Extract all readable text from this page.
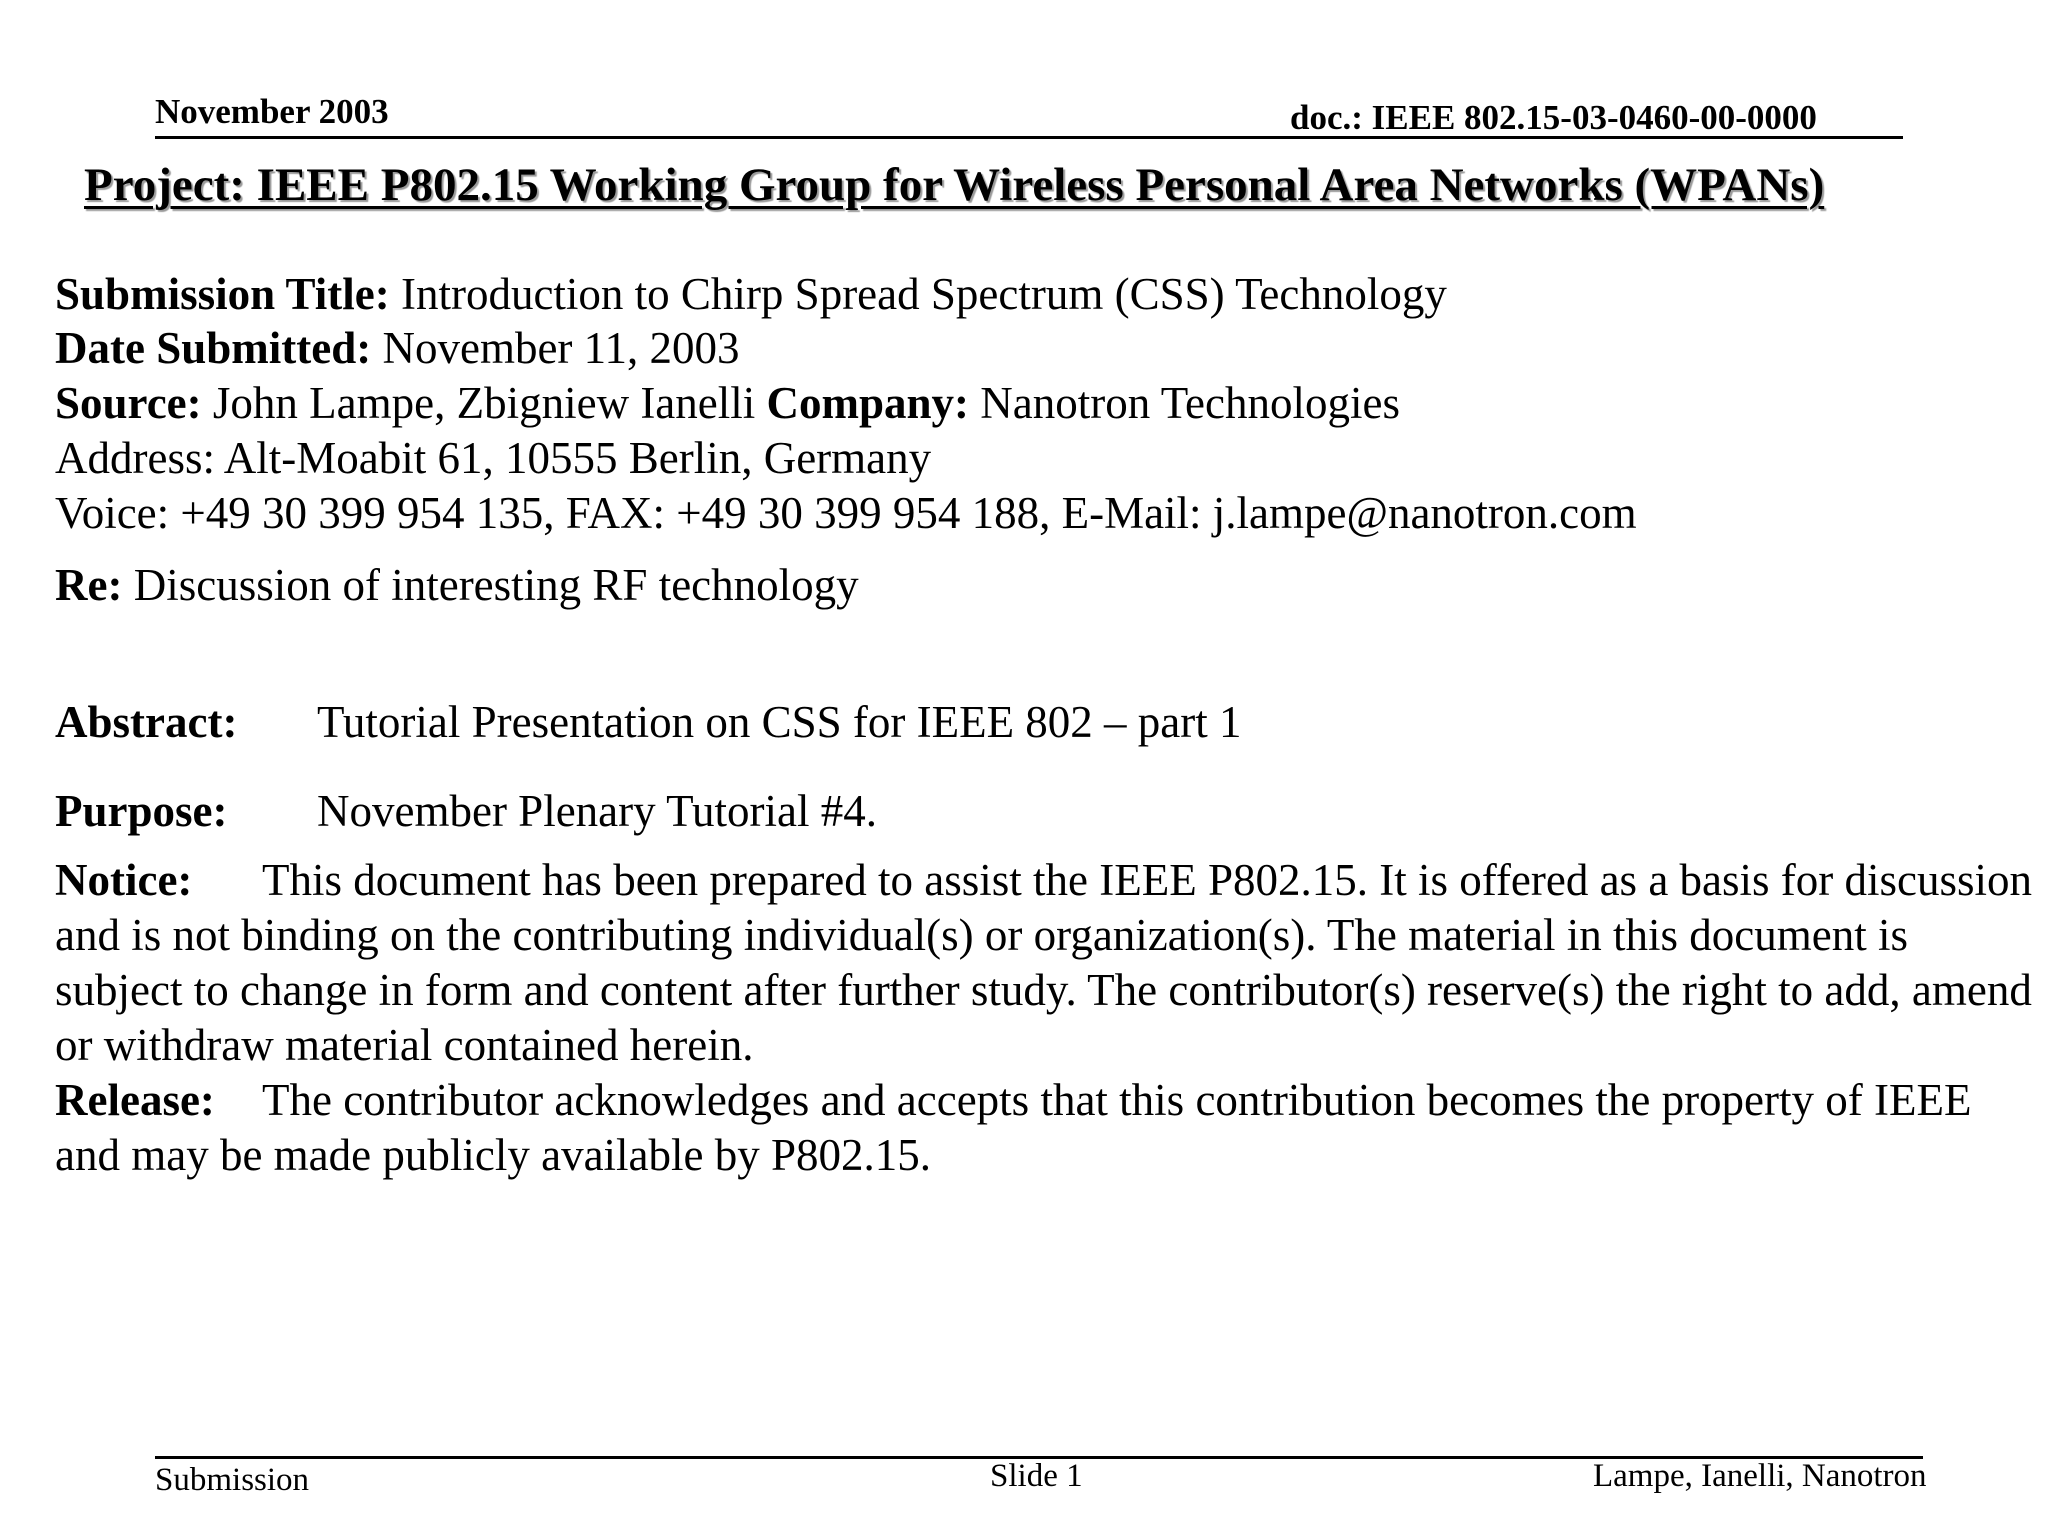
November 2003	doc.: IEEE 802.15-03-0460-00-0000
Project: IEEE P802.15 Working Group for Wireless Personal Area Networks (WPANs)
Submission Title: Introduction to Chirp Spread Spectrum (CSS) Technology
Date Submitted: November 11, 2003
Source: John Lampe, Zbigniew Ianelli Company: Nanotron Technologies
Address: Alt-Moabit 61, 10555 Berlin, Germany
Voice: +49 30 399 954 135, FAX: +49 30 399 954 188, E-Mail: j.lampe@nanotron.com
Re: Discussion of interesting RF technology
Abstract: Tutorial Presentation on CSS for IEEE 802 – part 1
Purpose: November Plenary Tutorial #4.
Notice: This document has been prepared to assist the IEEE P802.15. It is offered as a basis for discussion and is not binding on the contributing individual(s) or organization(s). The material in this document is subject to change in form and content after further study. The contributor(s) reserve(s) the right to add, amend or withdraw material contained herein.
Release: The contributor acknowledges and accepts that this contribution becomes the property of IEEE and may be made publicly available by P802.15.
Submission	Slide 1	Lampe, Ianelli, Nanotron
